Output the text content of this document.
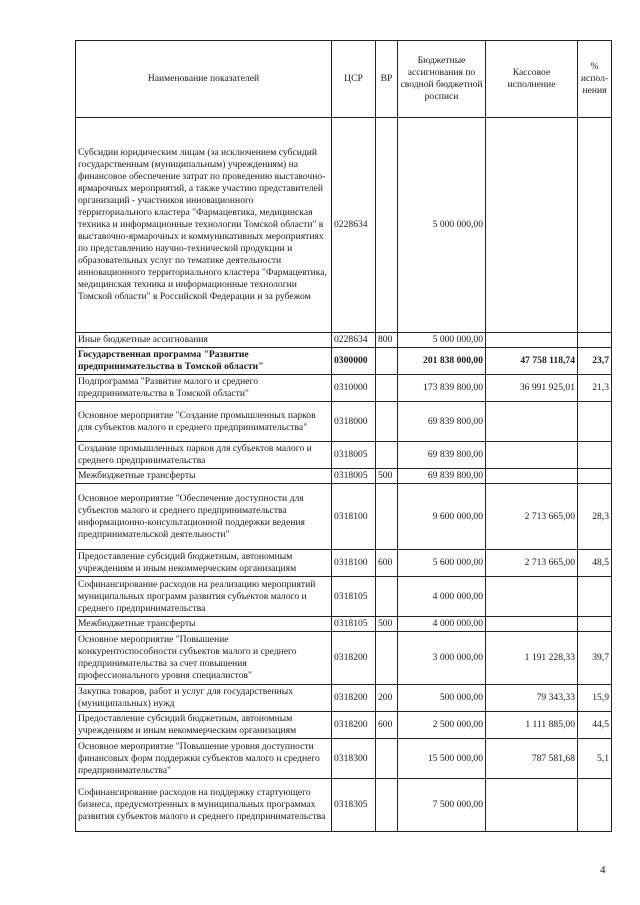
Наименование показателей	ЦСР	ВР	Бюджетные ассигнования по сводной бюджетной росписи	Кассовое исполнение	% испол-нения
Субсидии юридическим лицам (за исключением субсидий государственным (муниципальным) учреждениям) на финансовое обеспечение затрат по проведению выставочно-ярмарочных мероприятий, а также участию представителей организаций - участников инновационного территориального кластера "Фармацевтика, медицинская техника и информационные технологии Томской области" в выставочно-ярмарочных и коммуникативных мероприятиях по представлению научно-технической продукции и образовательных услуг по тематике деятельности инновационного территориального кластера "Фармацевтика, медицинская техника и информационные технологии Томской области" в Российской Федерации и за рубежом	0228634		5 000 000,00		
Иные бюджетные ассигнования	0228634	800	5 000 000,00		
Государственная программа "Развитие предпринимательства в Томской области"	0300000		201 838 000,00	47 758 118,74	23,7
Подпрограмма "Развитие малого и среднего предпринимательства в Томской области"	0310000		173 839 800,00	36 991 925,01	21,3
Основное мероприятие "Создание промышленных парков для субъектов малого и среднего предпринимательства"	0318000		69 839 800,00		
Создание промышленных парков для субъектов малого и среднего предпринимательства	0318005		69 839 800,00		
Межбюджетные трансферты	0318005	500	69 839 800,00		
Основное мероприятие "Обеспечение доступности для субъектов малого и среднего предпринимательства информационно-консультационной поддержки ведения предпринимательской деятельности"	0318100		9 600 000,00	2 713 665,00	28,3
Предоставление субсидий бюджетным, автономным учреждениям и иным некоммерческим организациям	0318100	600	5 600 000,00	2 713 665,00	48,5
Софинансирование расходов на реализацию мероприятий муниципальных программ развития субъектов малого и среднего предпринимательства	0318105		4 000 000,00		
Межбюджетные трансферты	0318105	500	4 000 000,00		
Основное мероприятие "Повышение конкурентоспособности субъектов малого и среднего предпринимательства за счет повышения профессионального уровня специалистов"	0318200		3 000 000,00	1 191 228,33	39,7
Закупка товаров, работ и услуг для государственных (муниципальных) нужд	0318200	200	500 000,00	79 343,33	15,9
Предоставление субсидий бюджетным, автономным учреждениям и иным некоммерческим организациям	0318200	600	2 500 000,00	1 111 885,00	44,5
Основное мероприятие "Повышение уровня доступности финансовых форм поддержки субъектов малого и среднего предпринимательства"	0318300		15 500 000,00	787 581,68	5,1
Софинансирование расходов на поддержку стартующего бизнеса, предусмотренных в муниципальных программах развития субъектов малого и среднего предпринимательства	0318305		7 500 000,00		
4
